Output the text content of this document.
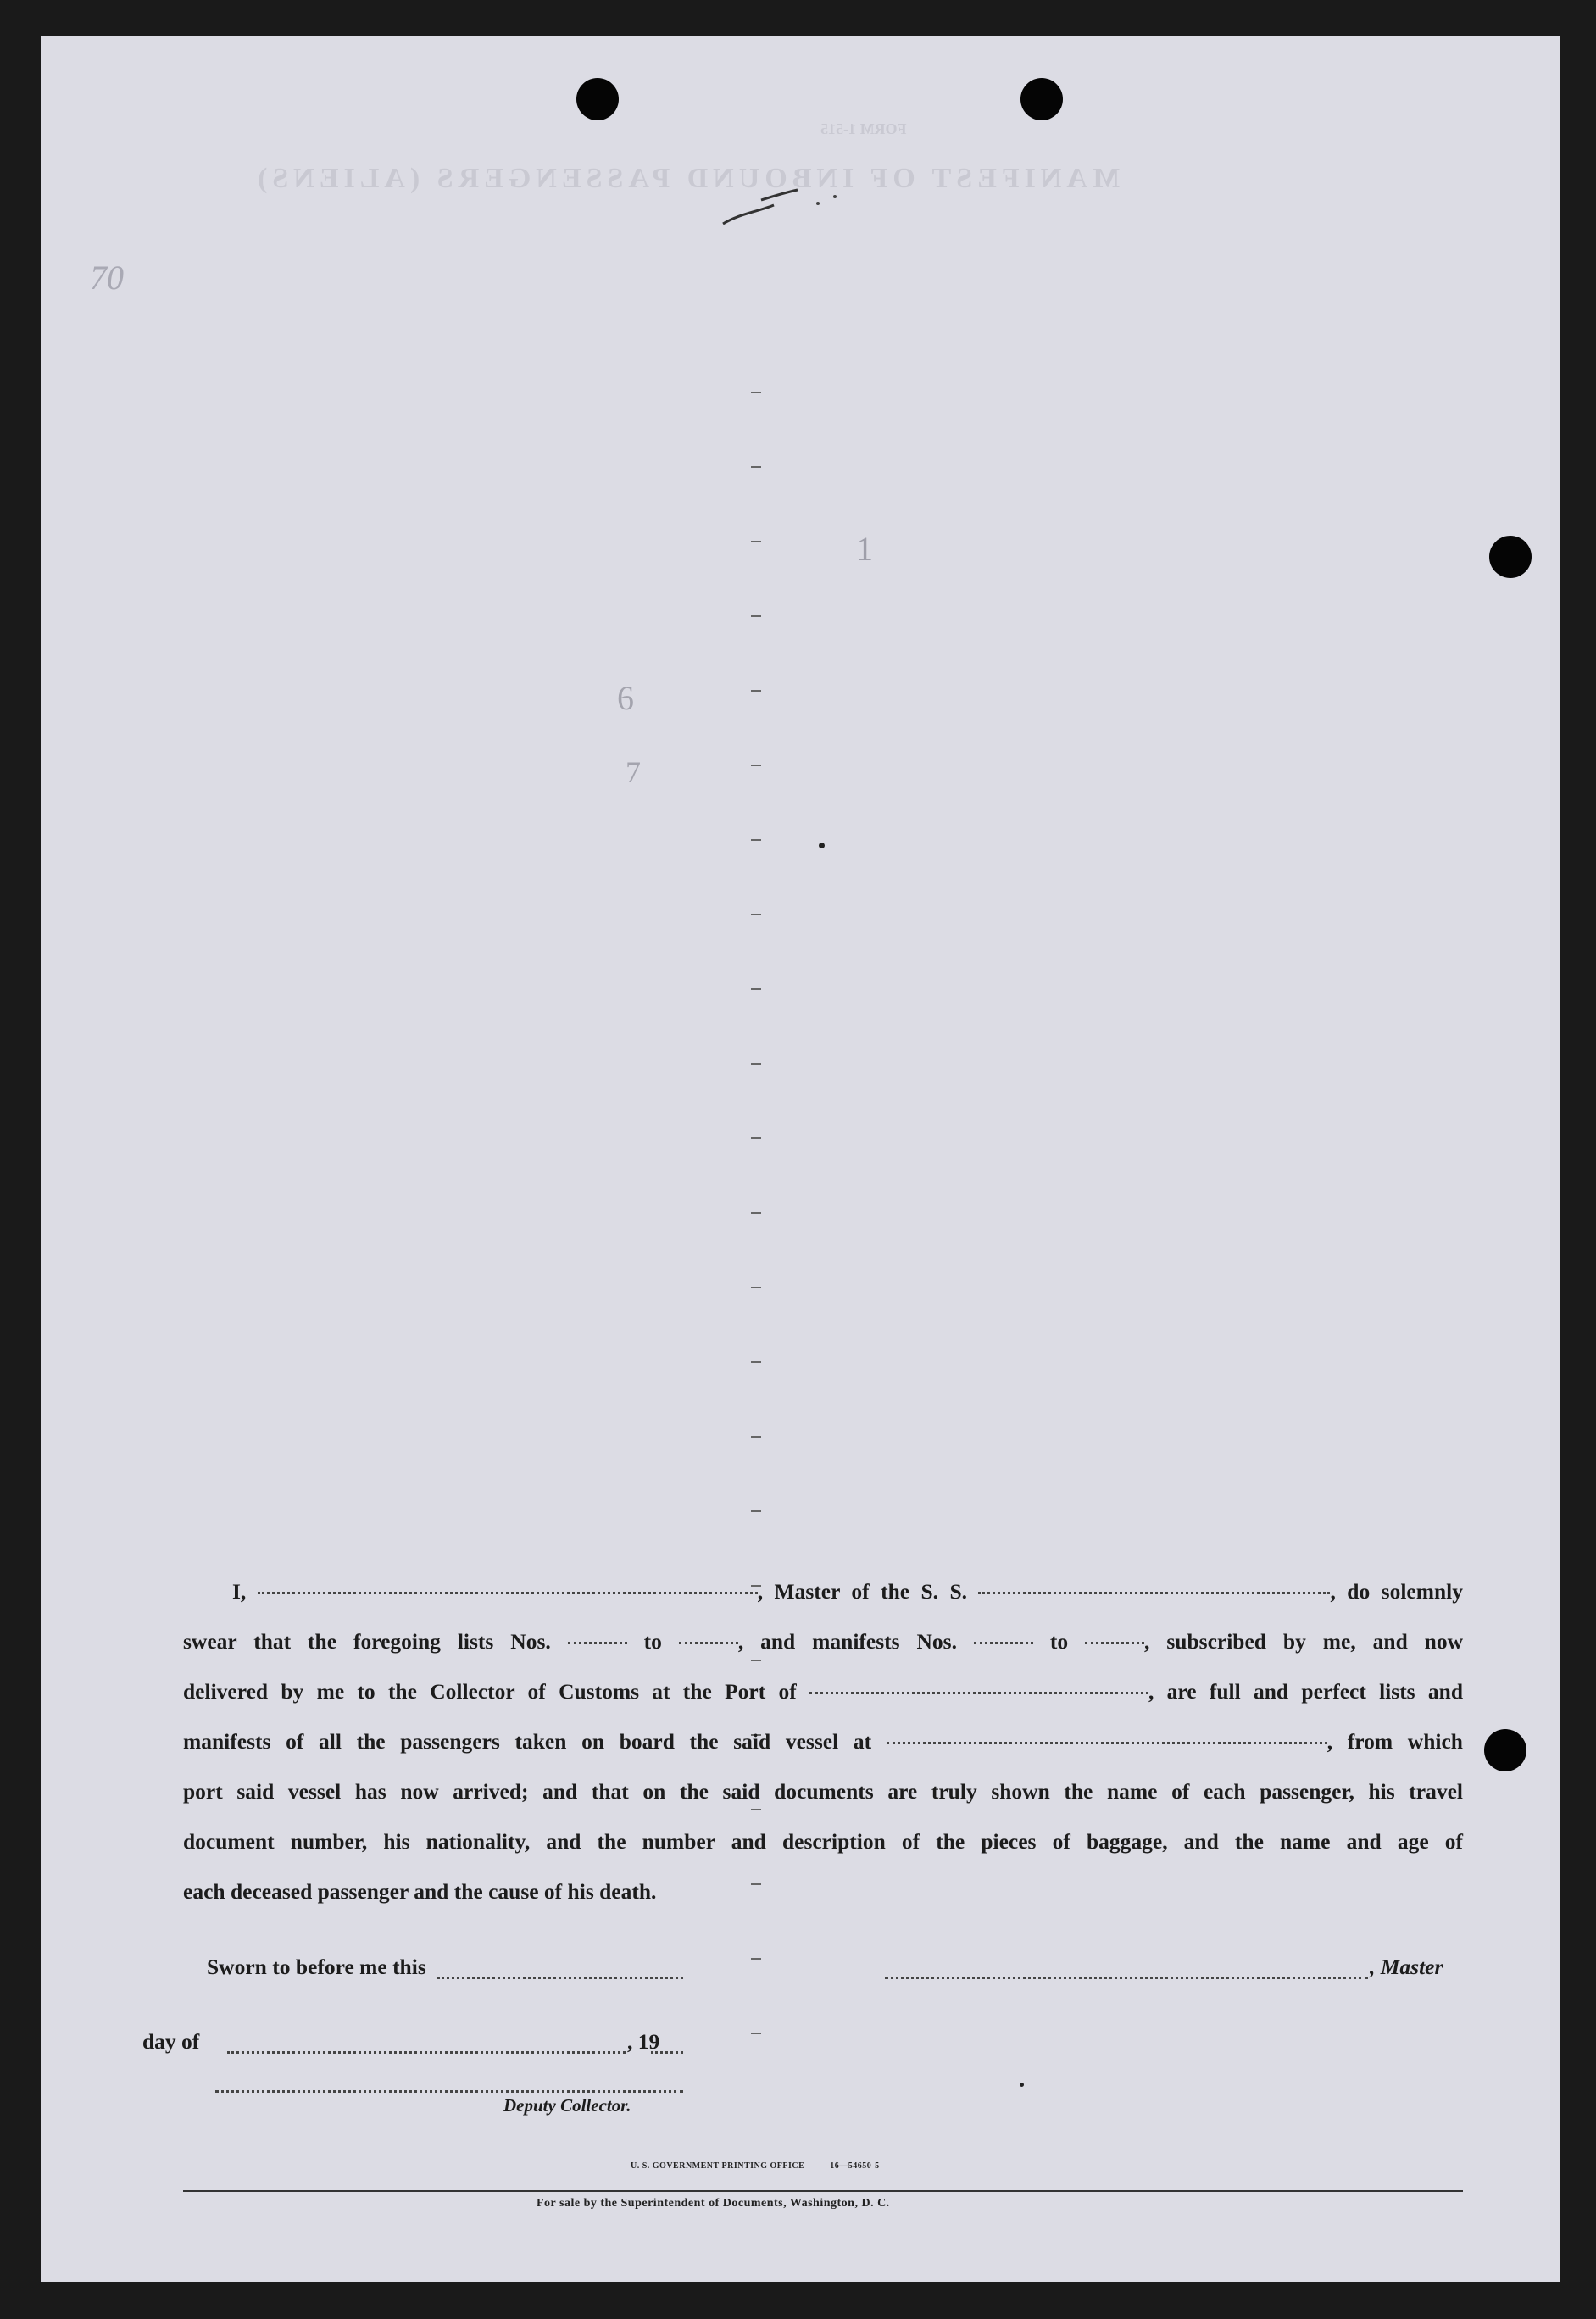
MANIFEST OF INBOUND PASSENGERS (ALIENS)
FORM 1-515
70
1
6
7

I,	, Master of the S. S.	, do solemnly

swear that the foregoing lists Nos.	to	, and manifests Nos.	to	, subscribed by me, and now

delivered by me to the Collector of Customs at the Port of	, are full and perfect lists and

manifests of all the passengers taken on board the said vessel at	, from which

port said vessel has now arrived; and that on the said documents are truly shown the name of each passenger, his travel

document number, his nationality, and the number and description of the pieces of baggage, and the name and age of

each deceased passenger and the cause of his death.

Sworn to before me this	, Master
day of	, 19
Deputy Collector.
U. S. GOVERNMENT PRINTING OFFICE	16—54650-5
For sale by the Superintendent of Documents, Washington, D. C.
